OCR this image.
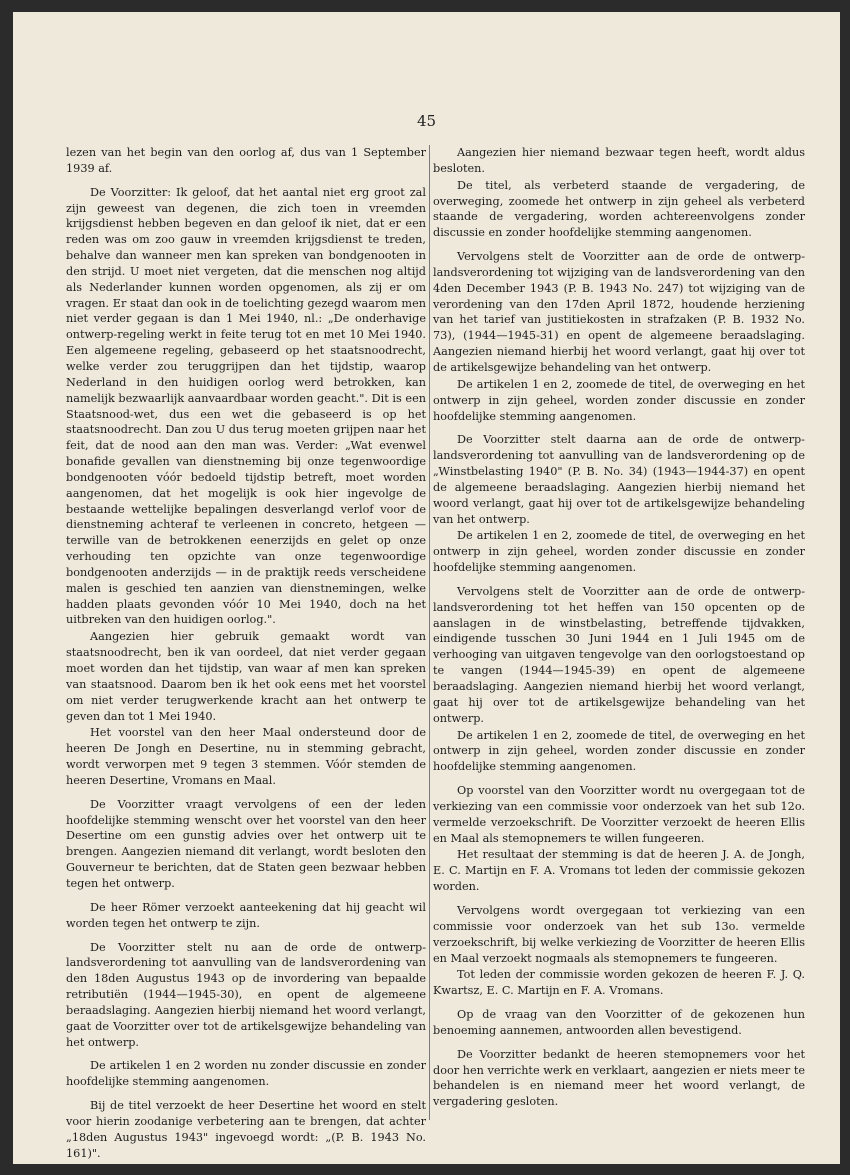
45

lezen van het begin van den oorlog af, dus van 1 September 1939 af.

De Voorzitter: Ik geloof, dat het aantal niet erg groot zal zijn geweest van degenen, die zich toen in vreemden krijgsdienst hebben begeven en dan geloof ik niet, dat er een reden was om zoo gauw in vreemden krijgsdienst te treden, behalve dan wanneer men kan spreken van bondgenooten in den strijd. U moet niet vergeten, dat die menschen nog altijd als Nederlander kunnen worden opgenomen, als zij er om vragen. Er staat dan ook in de toelichting gezegd waarom men niet verder gegaan is dan 1 Mei 1940, nl.: „De onderhavige ontwerp-regeling werkt in feite terug tot en met 10 Mei 1940. Een algemeene regeling, gebaseerd op het staatsnoodrecht, welke verder zou teruggrijpen dan het tijdstip, waarop Nederland in den huidigen oorlog werd betrokken, kan namelijk bezwaarlijk aanvaardbaar worden geacht.". Dit is een Staatsnood-wet, dus een wet die gebaseerd is op het staatsnoodrecht. Dan zou U dus terug moeten grijpen naar het feit, dat de nood aan den man was. Verder: „Wat evenwel bonafide gevallen van dienstneming bij onze tegenwoordige bondgenooten vóór bedoeld tijdstip betreft, moet worden aangenomen, dat het mogelijk is ook hier ingevolge de bestaande wettelijke bepalingen desverlangd verlof voor de dienstneming achteraf te verleenen in concreto, hetgeen — terwille van de betrokkenen eenerzijds en gelet op onze verhouding ten opzichte van onze tegenwoordige bondgenooten anderzijds — in de praktijk reeds verscheidene malen is geschied ten aanzien van dienstnemingen, welke hadden plaats gevonden vóór 10 Mei 1940, doch na het uitbreken van den huidigen oorlog.".

Aangezien hier gebruik gemaakt wordt van staatsnoodrecht, ben ik van oordeel, dat niet verder gegaan moet worden dan het tijdstip, van waar af men kan spreken van staatsnood. Daarom ben ik het ook eens met het voorstel om niet verder terugwerkende kracht aan het ontwerp te geven dan tot 1 Mei 1940.

Het voorstel van den heer Maal ondersteund door de heeren De Jongh en Desertine, nu in stemming gebracht, wordt verworpen met 9 tegen 3 stemmen. Vóór stemden de heeren Desertine, Vromans en Maal.

De Voorzitter vraagt vervolgens of een der leden hoofdelijke stemming wenscht over het voorstel van den heer Desertine om een gunstig advies over het ontwerp uit te brengen. Aangezien niemand dit verlangt, wordt besloten den Gouverneur te berichten, dat de Staten geen bezwaar hebben tegen het ontwerp.

De heer Römer verzoekt aanteekening dat hij geacht wil worden tegen het ontwerp te zijn.

De Voorzitter stelt nu aan de orde de ontwerp-landsverordening tot aanvulling van de landsverordening van den 18den Augustus 1943 op de invordering van bepaalde retributiën (1944—1945-30), en opent de algemeene beraadslaging. Aangezien hierbij niemand het woord verlangt, gaat de Voorzitter over tot de artikelsgewijze behandeling van het ontwerp.

De artikelen 1 en 2 worden nu zonder discussie en zonder hoofdelijke stemming aangenomen.

Bij de titel verzoekt de heer Desertine het woord en stelt voor hierin zoodanige verbetering aan te brengen, dat achter „18den Augustus 1943" ingevoegd wordt: „(P. B. 1943 No. 161)".

Aangezien hier niemand bezwaar tegen heeft, wordt aldus besloten.

De titel, als verbeterd staande de vergadering, de overweging, zoomede het ontwerp in zijn geheel als verbeterd staande de vergadering, worden achtereenvolgens zonder discussie en zonder hoofdelijke stemming aangenomen.

Vervolgens stelt de Voorzitter aan de orde de ontwerp-landsverordening tot wijziging van de landsverordening van den 4den December 1943 (P. B. 1943 No. 247) tot wijziging van de verordening van den 17den April 1872, houdende herziening van het tarief van justitiekosten in strafzaken (P. B. 1932 No. 73), (1944—1945-31) en opent de algemeene beraadslaging. Aangezien niemand hierbij het woord verlangt, gaat hij over tot de artikelsgewijze behandeling van het ontwerp.

De artikelen 1 en 2, zoomede de titel, de overweging en het ontwerp in zijn geheel, worden zonder discussie en zonder hoofdelijke stemming aangenomen.

De Voorzitter stelt daarna aan de orde de ontwerp-landsverordening tot aanvulling van de landsverordening op de „Winstbelasting 1940" (P. B. No. 34) (1943—1944-37) en opent de algemeene beraadslaging. Aangezien hierbij niemand het woord verlangt, gaat hij over tot de artikelsgewijze behandeling van het ontwerp.

De artikelen 1 en 2, zoomede de titel, de overweging en het ontwerp in zijn geheel, worden zonder discussie en zonder hoofdelijke stemming aangenomen.

Vervolgens stelt de Voorzitter aan de orde de ontwerp-landsverordening tot het heffen van 150 opcenten op de aanslagen in de winstbelasting, betreffende tijdvakken, eindigende tusschen 30 Juni 1944 en 1 Juli 1945 om de verhooging van uitgaven tengevolge van den oorlogstoestand op te vangen (1944—1945-39) en opent de algemeene beraadslaging. Aangezien niemand hierbij het woord verlangt, gaat hij over tot de artikelsgewijze behandeling van het ontwerp.

De artikelen 1 en 2, zoomede de titel, de overweging en het ontwerp in zijn geheel, worden zonder discussie en zonder hoofdelijke stemming aangenomen.

Op voorstel van den Voorzitter wordt nu overgegaan tot de verkiezing van een commissie voor onderzoek van het sub 12o. vermelde verzoekschrift. De Voorzitter verzoekt de heeren Ellis en Maal als stemopnemers te willen fungeeren.

Het resultaat der stemming is dat de heeren J. A. de Jongh, E. C. Martijn en F. A. Vromans tot leden der commissie gekozen worden.

Vervolgens wordt overgegaan tot verkiezing van een commissie voor onderzoek van het sub 13o. vermelde verzoekschrift, bij welke verkiezing de Voorzitter de heeren Ellis en Maal verzoekt nogmaals als stemopnemers te fungeeren.

Tot leden der commissie worden gekozen de heeren F. J. Q. Kwartsz, E. C. Martijn en F. A. Vromans.

Op de vraag van den Voorzitter of de gekozenen hun benoeming aannemen, antwoorden allen bevestigend.

De Voorzitter bedankt de heeren stemopnemers voor het door hen verrichte werk en verklaart, aangezien er niets meer te behandelen is en niemand meer het woord verlangt, de vergadering gesloten.
